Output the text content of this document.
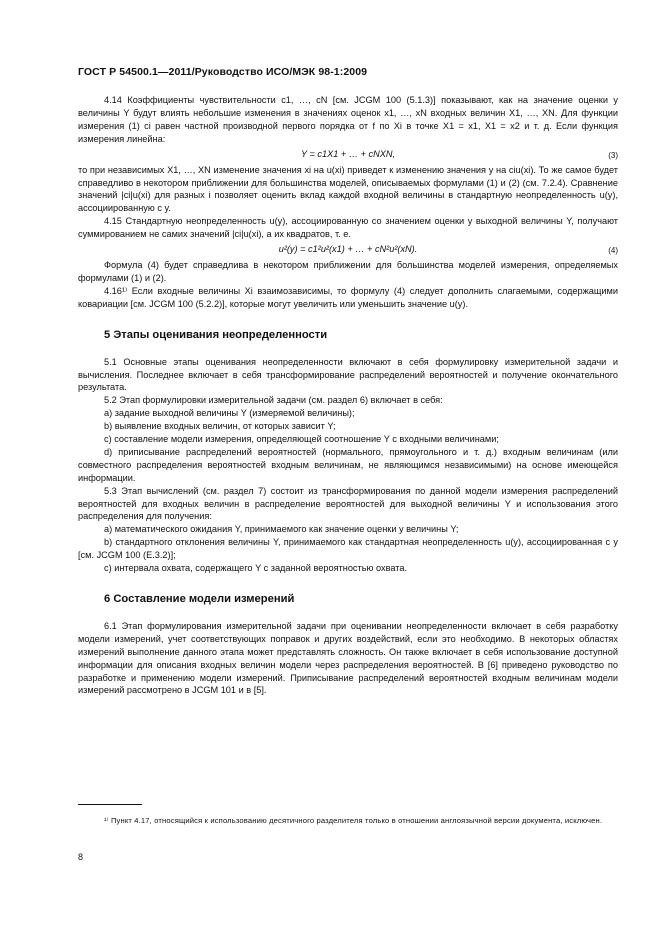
ГОСТ Р 54500.1—2011/Руководство ИСО/МЭК 98-1:2009
4.14 Коэффициенты чувствительности c1, …, cN [см. JCGM 100 (5.1.3)] показывают, как на значение оценки y величины Y будут влиять небольшие изменения в значениях оценок x1, …, xN входных величин X1, …, XN. Для функции измерения (1) ci равен частной производной первого порядка от f по Xi в точке X1 = x1, X1 = x2 и т. д. Если функция измерения линейна:
Y = c1X1 + … + cNXN,	(3)
то при независимых X1, …, XN изменение значения xi на u(xi) приведет к изменению значения y на ciu(xi). То же самое будет справедливо в некотором приближении для большинства моделей, описываемых формулами (1) и (2) (см. 7.2.4). Сравнение значений |ci|u(xi) для разных i позволяет оценить вклад каждой входной величины в стандартную неопределенность u(y), ассоциированную с y.
4.15 Стандартную неопределенность u(y), ассоциированную со значением оценки y выходной величины Y, получают суммированием не самих значений |ci|u(xi), а их квадратов, т. е.
u²(y) = c1²u²(x1) + … + cN²u²(xN).	(4)
Формула (4) будет справедлива в некотором приближении для большинства моделей измерения, определяемых формулами (1) и (2).
4.16¹⁾ Если входные величины Xi взаимозависимы, то формулу (4) следует дополнить слагаемыми, содержащими ковариации [см. JCGM 100 (5.2.2)], которые могут увеличить или уменьшить значение u(y).
5 Этапы оценивания неопределенности
5.1 Основные этапы оценивания неопределенности включают в себя формулировку измерительной задачи и вычисления. Последнее включает в себя трансформирование распределений вероятностей и получение окончательного результата.
5.2 Этап формулировки измерительной задачи (см. раздел 6) включает в себя:
a) задание выходной величины Y (измеряемой величины);
b) выявление входных величин, от которых зависит Y;
c) составление модели измерения, определяющей соотношение Y с входными величинами;
d) приписывание распределений вероятностей (нормального, прямоугольного и т. д.) входным величинам (или совместного распределения вероятностей входным величинам, не являющимся независимыми) на основе имеющейся информации.
5.3 Этап вычислений (см. раздел 7) состоит из трансформирования по данной модели измерения распределений вероятностей для входных величин в распределение вероятностей для выходной величины Y и использования этого распределения для получения:
a) математического ожидания Y, принимаемого как значение оценки y величины Y;
b) стандартного отклонения величины Y, принимаемого как стандартная неопределенность u(y), ассоциированная с y [см. JCGM 100 (E.3.2)];
c) интервала охвата, содержащего Y с заданной вероятностью охвата.
6 Составление модели измерений
6.1 Этап формулирования измерительной задачи при оценивании неопределенности включает в себя разработку модели измерений, учет соответствующих поправок и других воздействий, если это необходимо. В некоторых областях измерений выполнение данного этапа может представлять сложность. Он также включает в себя использование доступной информации для описания входных величин модели через распределения вероятностей. В [6] приведено руководство по разработке и применению модели измерений. Приписывание распределений вероятностей входным величинам модели измерений рассмотрено в JCGM 101 и в [5].
¹⁾ Пункт 4.17, относящийся к использованию десятичного разделителя только в отношении англоязычной версии документа, исключен.
8
